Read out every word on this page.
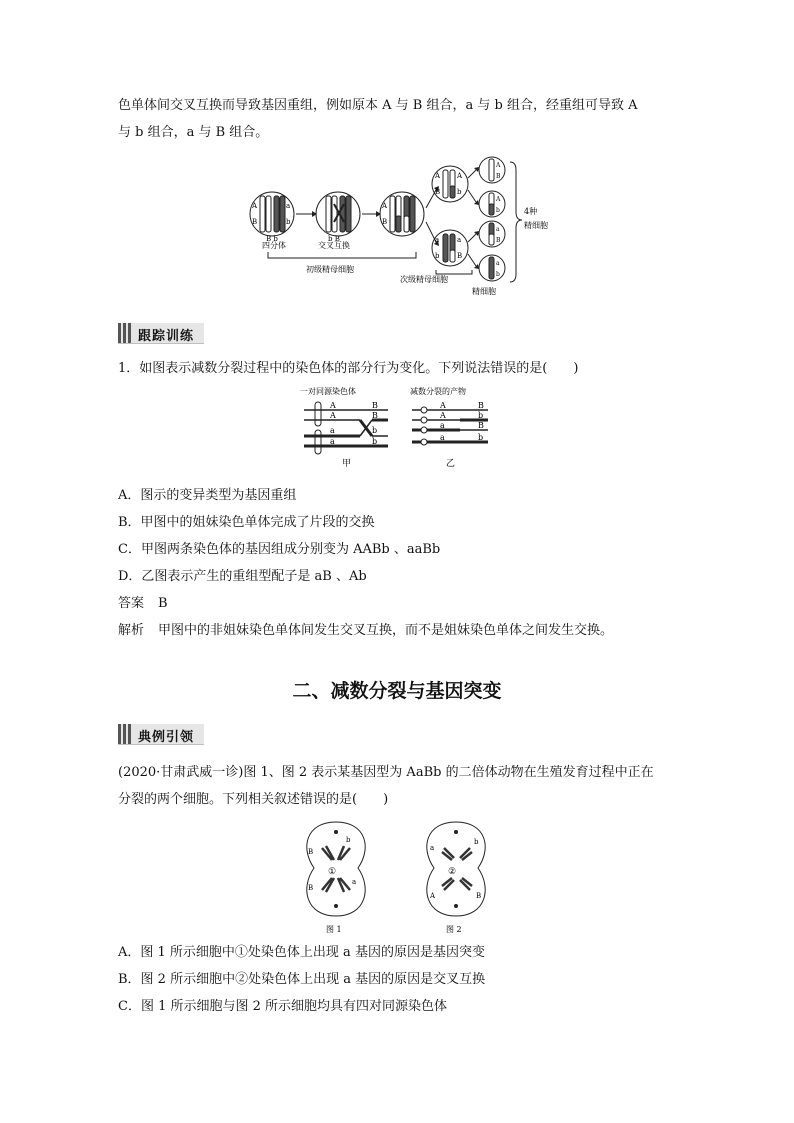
色单体间交叉互换而导致基因重组，例如原本 A 与 B 组合，a 与 b 组合，经重组可导致 A
与 b 组合，a 与 B 组合。
A
B
a
b
B b	b B
A
B
A A
B b
a	a
b	B
A
B
A
b
a
B
a
b
4种
精细胞
四分体	交叉互换
初级精母细胞
次级精母细胞
精细胞
跟踪训练
1．如图表示减数分裂过程中的染色体的部分行为变化。下列说法错误的是(　　)
一对同源染色体	减数分裂的产物
A	B
A	B
a	b
a	b
甲
A	B
A	b
a	B
a	b
乙
A．图示的变异类型为基因重组
B．甲图中的姐妹染色单体完成了片段的交换
C．甲图两条染色体的基因组成分别变为 AABb 、aaBb
D．乙图表示产生的重组型配子是 aB 、Ab
答案 B
解析 甲图中的非姐妹染色单体间发生交叉互换，而不是姐妹染色单体之间发生交换。
二、减数分裂与基因突变
典例引领
(2020·甘肃武威一诊)图 1、图 2 表示某基因型为 AaBb 的二倍体动物在生殖发育过程中正在
分裂的两个细胞。下列相关叙述错误的是(　　)
B
b
B
a
①
图 1
a
b
A	B
②
图 2
A．图 1 所示细胞中①处染色体上出现 a 基因的原因是基因突变
B．图 2 所示细胞中②处染色体上出现 a 基因的原因是交叉互换
C．图 1 所示细胞与图 2 所示细胞均具有四对同源染色体
